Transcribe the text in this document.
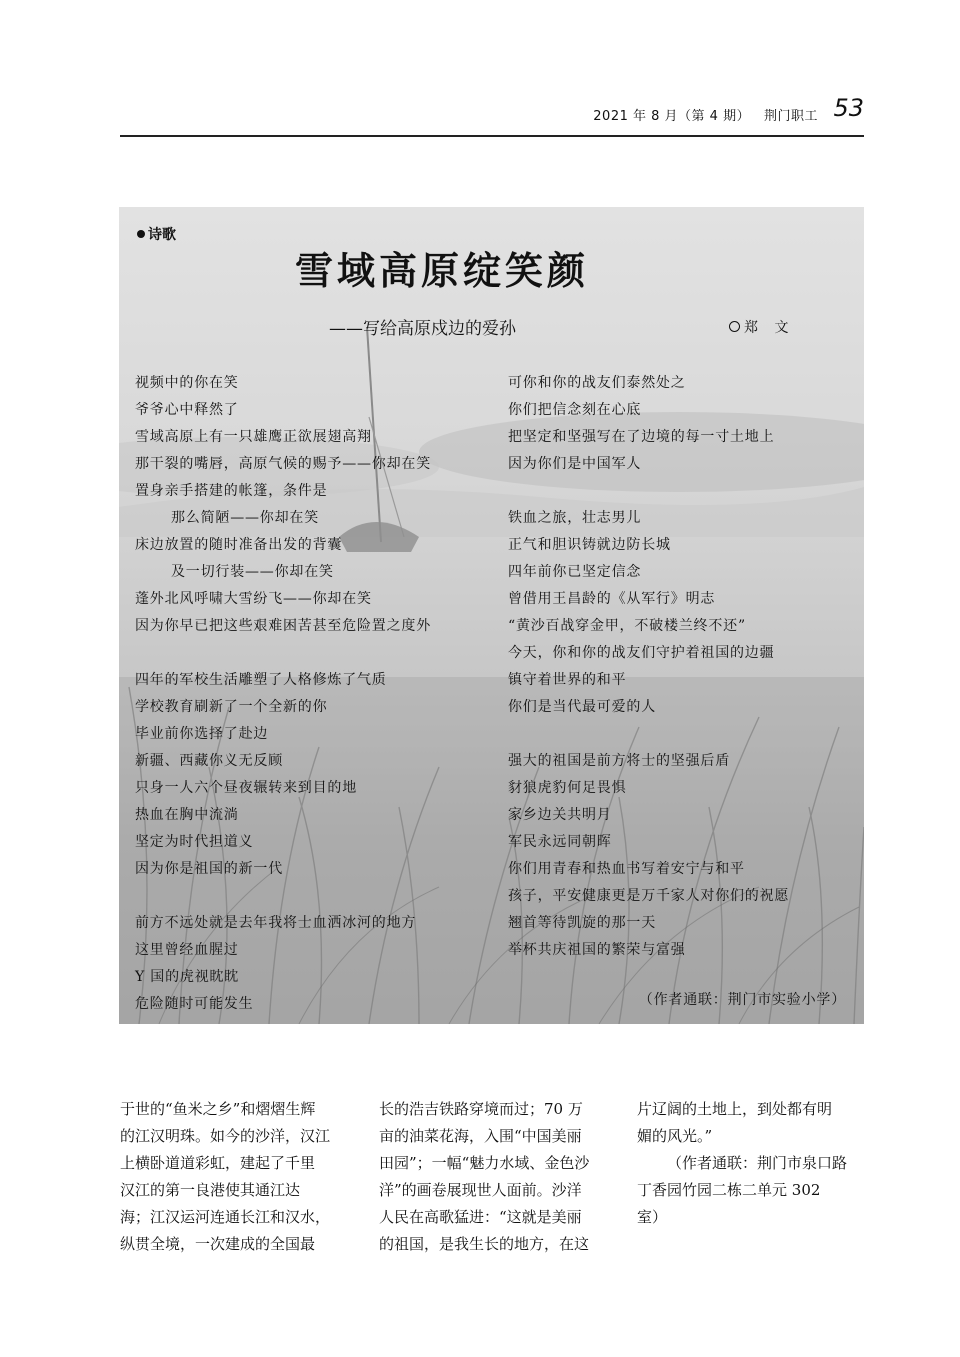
2021 年 8 月（第 4 期） 荆门职工 53
诗歌
雪域高原绽笑颜
——写给高原戍边的爱孙	郑 文
视频中的你在笑
爷爷心中释然了
雪域高原上有一只雄鹰正欲展翅高翔
那干裂的嘴唇，高原气候的赐予——你却在笑
置身亲手搭建的帐篷，条件是
那么简陋——你却在笑
床边放置的随时准备出发的背囊
及一切行装——你却在笑
蓬外北风呼啸大雪纷飞——你却在笑
因为你早已把这些艰难困苦甚至危险置之度外
四年的军校生活雕塑了人格修炼了气质
学校教育刷新了一个全新的你
毕业前你选择了赴边
新疆、西藏你义无反顾
只身一人六个昼夜辗转来到目的地
热血在胸中流淌
坚定为时代担道义
因为你是祖国的新一代
前方不远处就是去年我将士血洒冰河的地方
这里曾经血腥过
Y 国的虎视眈眈
危险随时可能发生
可你和你的战友们泰然处之
你们把信念刻在心底
把坚定和坚强写在了边境的每一寸土地上
因为你们是中国军人
铁血之旅，壮志男儿
正气和胆识铸就边防长城
四年前你已坚定信念
曾借用王昌龄的《从军行》明志
“黄沙百战穿金甲，不破楼兰终不还”
今天，你和你的战友们守护着祖国的边疆
镇守着世界的和平
你们是当代最可爱的人
强大的祖国是前方将士的坚强后盾
豺狼虎豹何足畏惧
家乡边关共明月
军民永远同朝晖
你们用青春和热血书写着安宁与和平
孩子，平安健康更是万千家人对你们的祝愿
翘首等待凯旋的那一天
举杯共庆祖国的繁荣与富强
（作者通联：荆门市实验小学）
于世的“鱼米之乡”和熠熠生辉
的江汉明珠。如今的沙洋，汉江
上横卧道道彩虹，建起了千里
汉江的第一良港使其通江达
海；江汉运河连通长江和汉水，
纵贯全境，一次建成的全国最
长的浩吉铁路穿境而过；70 万
亩的油菜花海，入围“中国美丽
田园”；一幅“魅力水域、金色沙
洋”的画卷展现世人面前。沙洋
人民在高歌猛进：“这就是美丽
的祖国，是我生长的地方，在这
片辽阔的土地上，到处都有明
媚的风光。”
（作者通联：荆门市泉口路
丁香园竹园二栋二单元 302
室）
